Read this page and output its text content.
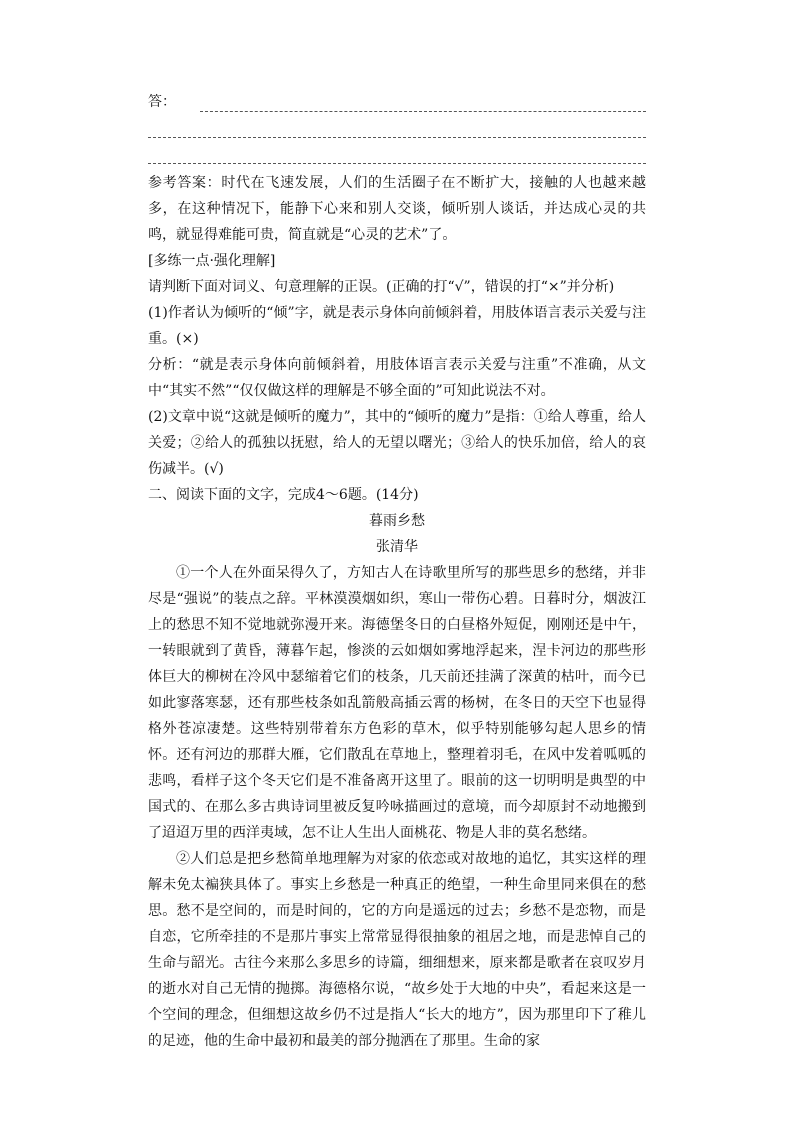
答：

参考答案：时代在飞速发展，人们的生活圈子在不断扩大，接触的人也越来越多，在这种情况下，能静下心来和别人交谈，倾听别人谈话，并达成心灵的共鸣，就显得难能可贵，简直就是“心灵的艺术”了。

[多练一点·强化理解]

请判断下面对词义、句意理解的正误。(正确的打“√”，错误的打“×”并分析)

(1)作者认为倾听的“倾”字，就是表示身体向前倾斜着，用肢体语言表示关爱与注重。(×)

分析：“就是表示身体向前倾斜着，用肢体语言表示关爱与注重”不准确，从文中“其实不然”“仅仅做这样的理解是不够全面的”可知此说法不对。

(2)文章中说“这就是倾听的魔力”，其中的“倾听的魔力”是指：①给人尊重，给人关爱；②给人的孤独以抚慰，给人的无望以曙光；③给人的快乐加倍，给人的哀伤减半。(√)

二、阅读下面的文字，完成4～6题。(14分)

暮雨乡愁

张清华

①一个人在外面呆得久了，方知古人在诗歌里所写的那些思乡的愁绪，并非尽是“强说”的装点之辞。平林漠漠烟如织，寒山一带伤心碧。日暮时分，烟波江上的愁思不知不觉地就弥漫开来。海德堡冬日的白昼格外短促，刚刚还是中午，一转眼就到了黄昏，薄暮乍起，惨淡的云如烟如雾地浮起来，涅卡河边的那些形体巨大的柳树在冷风中瑟缩着它们的枝条，几天前还挂满了深黄的枯叶，而今已如此寥落寒瑟，还有那些枝条如乱箭般高插云霄的杨树，在冬日的天空下也显得格外苍凉凄楚。这些特别带着东方色彩的草木，似乎特别能够勾起人思乡的情怀。还有河边的那群大雁，它们散乱在草地上，整理着羽毛，在风中发着呱呱的悲鸣，看样子这个冬天它们是不准备离开这里了。眼前的这一切明明是典型的中国式的、在那么多古典诗词里被反复吟咏描画过的意境，而今却原封不动地搬到了迢迢万里的西洋夷域，怎不让人生出人面桃花、物是人非的莫名愁绪。

②人们总是把乡愁简单地理解为对家的依恋或对故地的追忆，其实这样的理解未免太褊狭具体了。事实上乡愁是一种真正的绝望，一种生命里同来俱在的愁思。愁不是空间的，而是时间的，它的方向是遥远的过去；乡愁不是恋物，而是自恋，它所牵挂的不是那片事实上常常显得很抽象的祖居之地，而是悲悼自己的生命与韶光。古往今来那么多思乡的诗篇，细细想来，原来都是歌者在哀叹岁月的逝水对自己无情的抛掷。海德格尔说，“故乡处于大地的中央”，看起来这是一个空间的理念，但细想这故乡仍不过是指人“长大的地方”，因为那里印下了稚儿的足迹，他的生命中最初和最美的部分抛洒在了那里。生命的家
